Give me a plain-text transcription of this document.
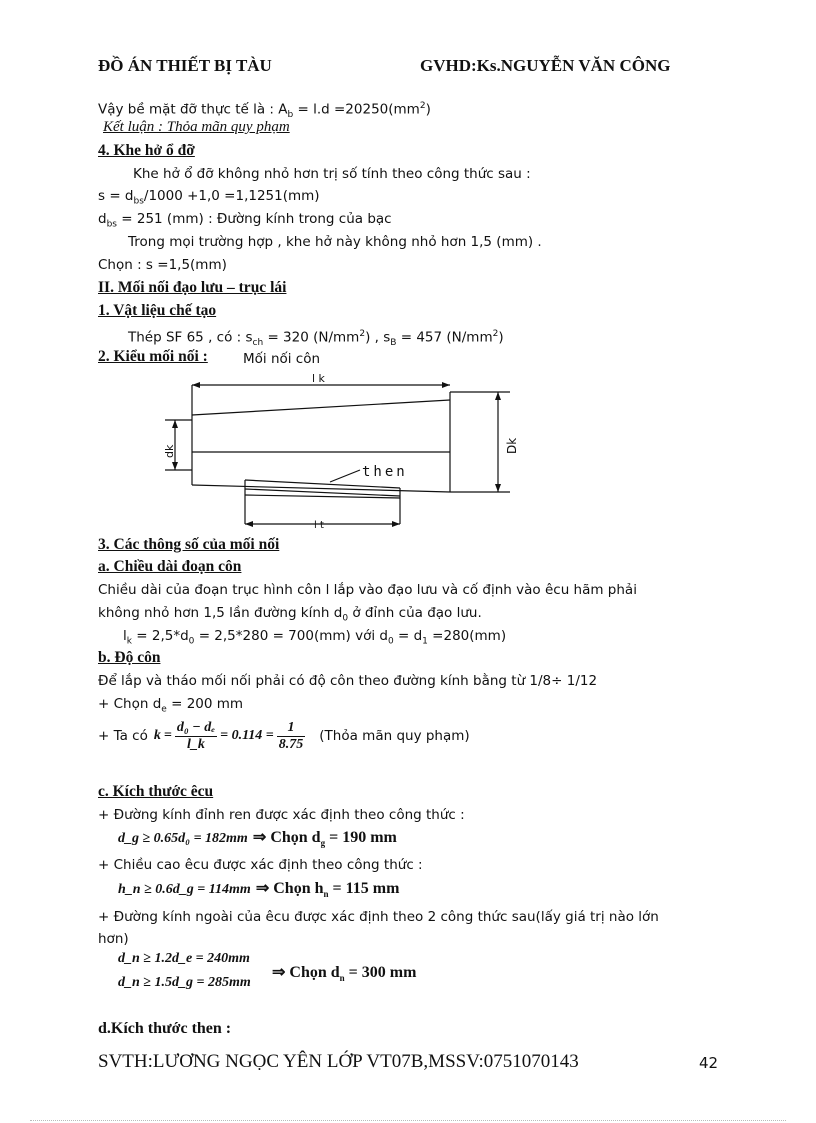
ĐỒ ÁN THIẾT BỊ TÀU	GVHD:Ks.NGUYỄN VĂN CÔNG
Vậy bề mặt đỡ thực tế là : $A_b = l.d =20250(mm^2)$
Kết luận : Thỏa mãn quy phạm
4. Khe hở ổ đỡ
Khe hở ổ đỡ không nhỏ hơn trị số tính theo công thức sau :
$s = d_{bs}/1000 +1,0 =1,1251(mm)$
$d_{bs} = 251$ (mm) : Đường kính trong của bạc
Trong mọi trường hợp , khe hở này không nhỏ hơn 1,5 (mm) .
Chọn : s =1,5(mm)
II. Mối nối đạo lưu – trục lái
1. Vật liệu chế tạo
Thép SF 65 , có : $s_{ch} = 320$ $(N/mm^2)$ , $s_B = 457$ $(N/mm^2)$
2. Kiểu mối nối :	Mối nối côn
l k
dk	Dk
then
l t
3. Các thông số của mối nối
a. Chiều dài đoạn côn
Chiều dài của đoạn trục hình côn l lắp vào đạo lưu và cố định vào êcu hãm phải
không nhỏ hơn 1,5 lần đường kính $d_0$ ở đỉnh của đạo lưu.
$l_k = 2,5*d_0 = 2,5*280 = 700(mm)$ với $d_0 = d_1 =280(mm)$
b. Độ côn
Để lắp và tháo mối nối phải có độ côn theo đường kính bằng từ 1/8÷ 1/12
+ Chọn $d_e = 200$ mm
+ Ta có $k = \frac{\text{d₀ − dₑ}}{l\_k} = 0.114 = \frac{1}{8.75}$ (Thỏa mãn quy phạm)
c. Kích thước êcu
+ Đường kính đỉnh ren được xác định theo công thức :
d_g ≥ 0.65d₀ = 182mm ⇒ Chọn $d_g = 190$ mm
+ Chiều cao êcu được xác định theo công thức :
h_n ≥ 0.6d_g = 114mm ⇒ Chọn $h_n = 115$ mm
+ Đường kính ngoài của êcu được xác định theo 2 công thức sau(lấy giá trị nào lớn
hơn)
d_n ≥ 1.2d_e = 240mm
d_n ≥ 1.5d_g = 285mm
⇒ Chọn $d_n = 300$ mm
d.Kích thước then :
SVTH:LƯƠNG NGỌC YÊN LỚP VT07B,MSSV:0751070143	42
